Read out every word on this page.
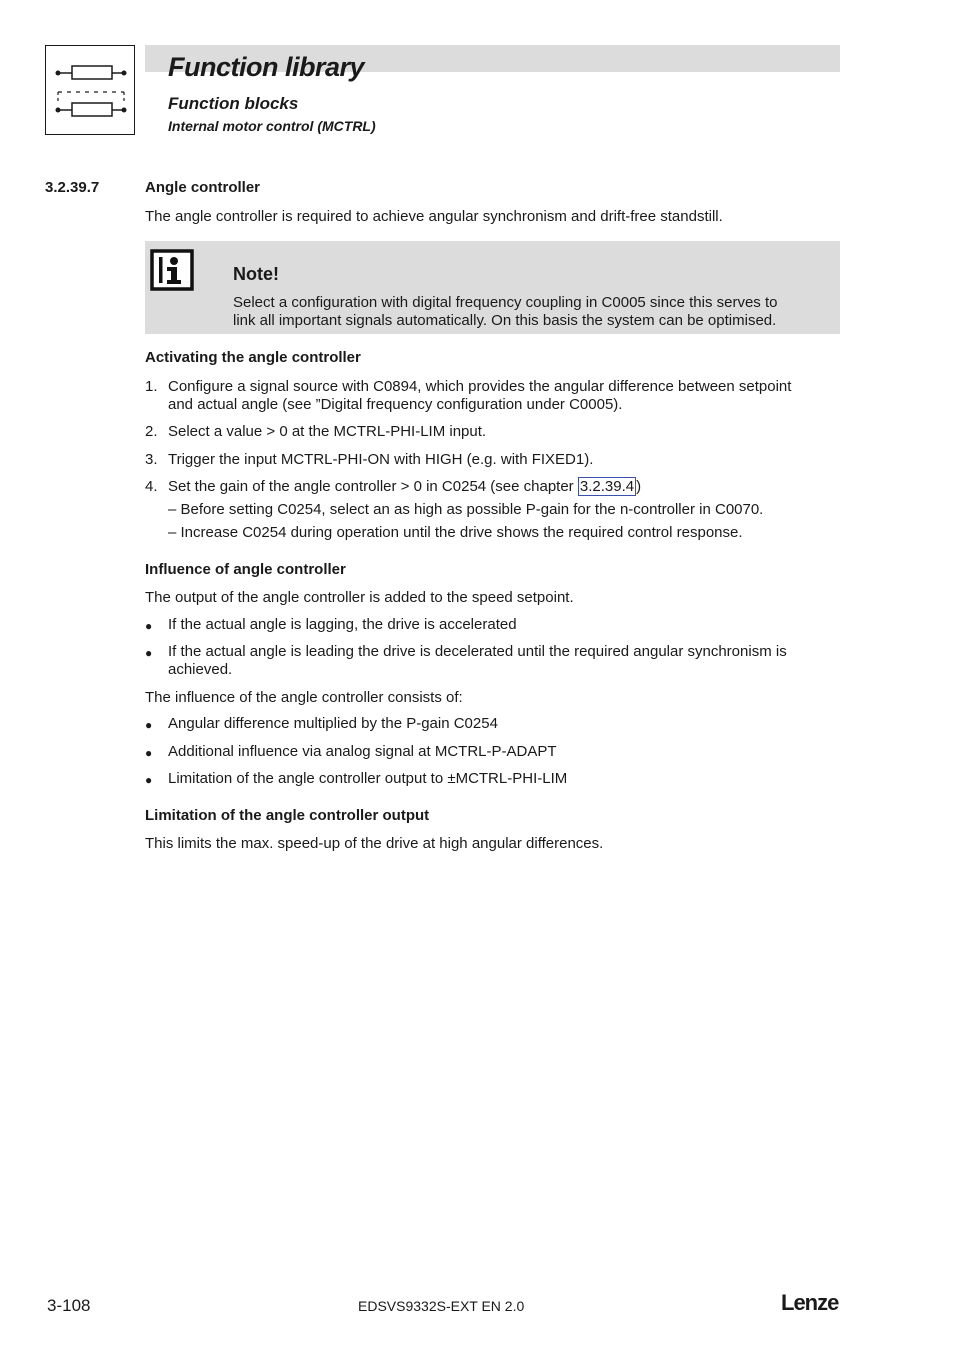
Function library
Function blocks
Internal motor control (MCTRL)
3.2.39.7	Angle controller
The angle controller is required to achieve angular synchronism and drift-free standstill.
Note!
Select a configuration with digital frequency coupling in C0005 since this serves to
link all important signals automatically. On this basis the system can be optimised.
Activating the angle controller
1. Configure a signal source with C0894, which provides the angular difference between setpoint
and actual angle (see ”Digital frequency configuration under C0005).
2. Select a value > 0 at the MCTRL-PHI-LIM input.
3. Trigger the input MCTRL-PHI-ON with HIGH (e.g. with FIXED1).
4. Set the gain of the angle controller > 0 in C0254 (see chapter 3.2.39.4 )
– Before setting C0254, select an as high as possible P-gain for the n-controller in C0070.
– Increase C0254 during operation until the drive shows the required control response.
Influence of angle controller
The output of the angle controller is added to the speed setpoint.
● If the actual angle is lagging, the drive is accelerated
● If the actual angle is leading the drive is decelerated until the required angular synchronism is
achieved.
The influence of the angle controller consists of:
● Angular difference multiplied by the P-gain C0254
● Additional influence via analog signal at MCTRL-P-ADAPT
● Limitation of the angle controller output to ±MCTRL-PHI-LIM
Limitation of the angle controller output
This limits the max. speed-up of the drive at high angular differences.
3-108	EDSVS9332S-EXT EN 2.0	Lenze
